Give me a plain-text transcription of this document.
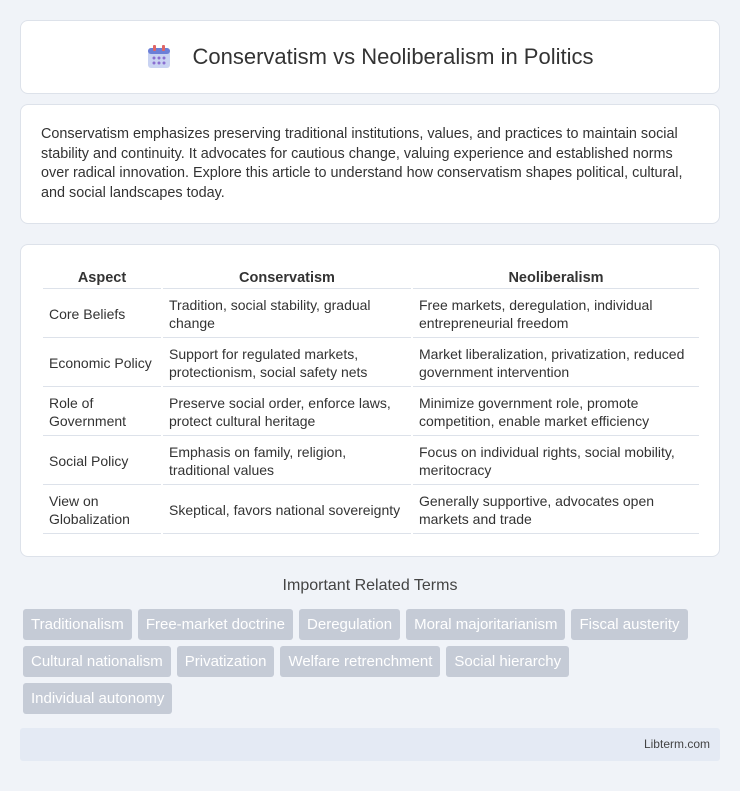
Conservatism vs Neoliberalism in Politics

Conservatism emphasizes preserving traditional institutions, values, and practices to maintain social stability and continuity. It advocates for cautious change, valuing experience and established norms over radical innovation. Explore this article to understand how conservatism shapes political, cultural, and social landscapes today.

Aspect	Conservatism	Neoliberalism
Core Beliefs	Tradition, social stability, gradual change	Free markets, deregulation, individual entrepreneurial freedom
Economic Policy	Support for regulated markets, protectionism, social safety nets	Market liberalization, privatization, reduced government intervention
Role of Government	Preserve social order, enforce laws, protect cultural heritage	Minimize government role, promote competition, enable market efficiency
Social Policy	Emphasis on family, religion, traditional values	Focus on individual rights, social mobility, meritocracy
View on Globalization	Skeptical, favors national sovereignty	Generally supportive, advocates open markets and trade
Important Related Terms
Traditionalism	Free-market doctrine	Deregulation	Moral majoritarianism	Fiscal austerity
Cultural nationalism	Privatization	Welfare retrenchment	Social hierarchy
Individual autonomy
Libterm.com
